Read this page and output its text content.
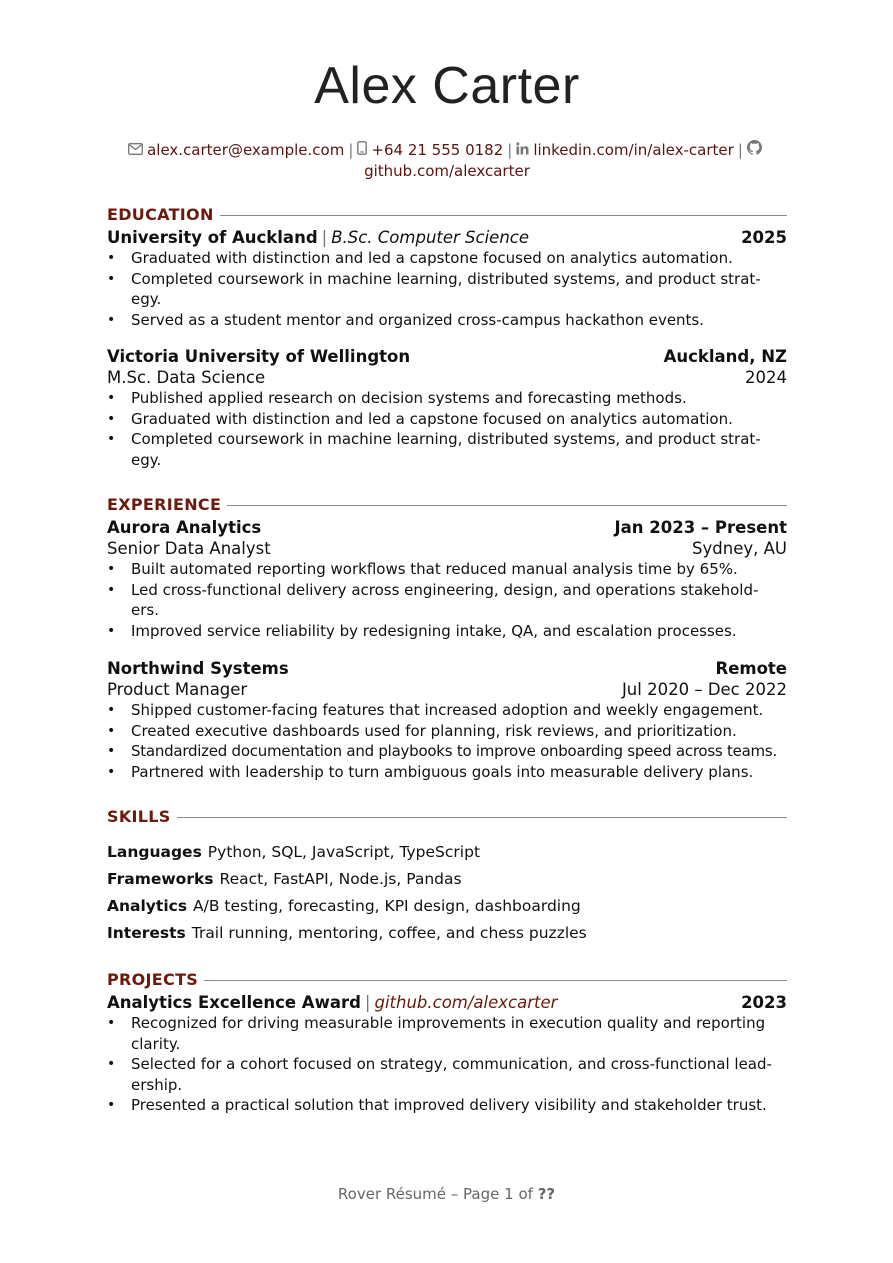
Alex Carter
alex.carter@example.com | +64 21 555 0182 | linkedin.com/in/alex-carter |
github.com/alexcarter
EDUCATION
University of Auckland | B.Sc. Computer Science	2025
• Graduated with distinction and led a capstone focused on analytics automation.
• Completed coursework in machine learning, distributed systems, and product strat-
egy.
• Served as a student mentor and organized cross-campus hackathon events.
Victoria University of Wellington	Auckland, NZ
M.Sc. Data Science	2024
• Published applied research on decision systems and forecasting methods.
• Graduated with distinction and led a capstone focused on analytics automation.
• Completed coursework in machine learning, distributed systems, and product strat-
egy.
EXPERIENCE
Aurora Analytics	Jan 2023 – Present
Senior Data Analyst	Sydney, AU
• Built automated reporting workflows that reduced manual analysis time by 65%.
• Led cross-functional delivery across engineering, design, and operations stakehold-
ers.
• Improved service reliability by redesigning intake, QA, and escalation processes.
Northwind Systems	Remote
Product Manager	Jul 2020 – Dec 2022
• Shipped customer-facing features that increased adoption and weekly engagement.
• Created executive dashboards used for planning, risk reviews, and prioritization.
• Standardized documentation and playbooks to improve onboarding speed across teams.
• Partnered with leadership to turn ambiguous goals into measurable delivery plans.
SKILLS
Languages Python, SQL, JavaScript, TypeScript
Frameworks React, FastAPI, Node.js, Pandas
Analytics A/B testing, forecasting, KPI design, dashboarding
Interests Trail running, mentoring, coffee, and chess puzzles
PROJECTS
Analytics Excellence Award | github.com/alexcarter	2023
• Recognized for driving measurable improvements in execution quality and reporting
clarity.
• Selected for a cohort focused on strategy, communication, and cross-functional lead-
ership.
• Presented a practical solution that improved delivery visibility and stakeholder trust.
Rover Résumé – Page 1 of ??
